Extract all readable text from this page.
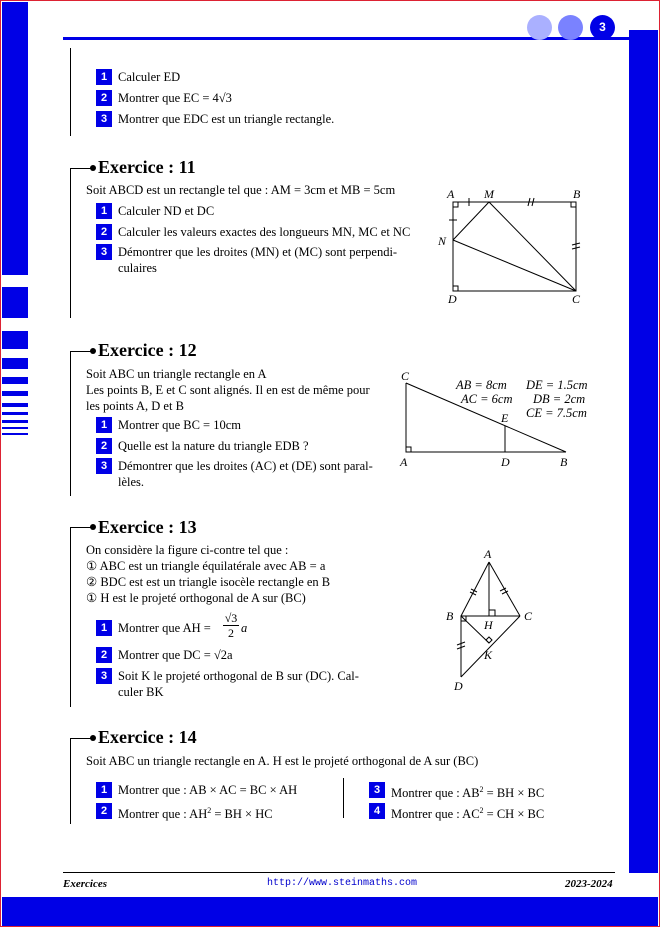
3
Exercices	http://www.steinmaths.com	2023-2024
1 Calculer ED
2 Montrer que EC = 4√3
3 Montrer que EDC est un triangle rectangle.
Exercice : 11
Soit ABCD est un rectangle tel que : AM = 3cm et MB = 5cm
1 Calculer ND et DC
2 Calculer les valeurs exactes des longueurs MN, MC et NC
3 Démontrer que les droites (MN) et (MC) sont perpendi-
culaires
A M	B
N
D	C
Exercice : 12
Soit ABC un triangle rectangle en A
Les points B, E et C sont alignés. Il en est de même pour
les points A, D et B
1 Montrer que BC = 10cm
2 Quelle est la nature du triangle EDB ?
3 Démontrer que les droites (AC) et (DE) sont paral-
lèles.
AB = 8cm
AC = 6cm
DE = 1.5cm
DB = 2cm
CE = 7.5cm
C
E
A	D	B
Exercice : 13
On considère la figure ci-contre tel que :
① ABC est un triangle équilatérale avec AB = a
② BDC est est un triangle isocèle rectangle en B
① H est le projeté orthogonal de A sur (BC)
1 Montrer que AH = $\frac{√3}{2}$ a
2 Montrer que DC = √2a
3 Soit K le projeté orthogonal de B sur (DC). Cal-
culer BK
A
B	C
H
K
D
Exercice : 14
Soit ABC un triangle rectangle en A. H est le projeté orthogonal de A sur (BC)
1 Montrer que : AB × AC = BC × AH
2 Montrer que : $AH^2$ = BH × HC
3 Montrer que : $AB^2$ = BH × BC
4 Montrer que : $AC^2$ = CH × BC
